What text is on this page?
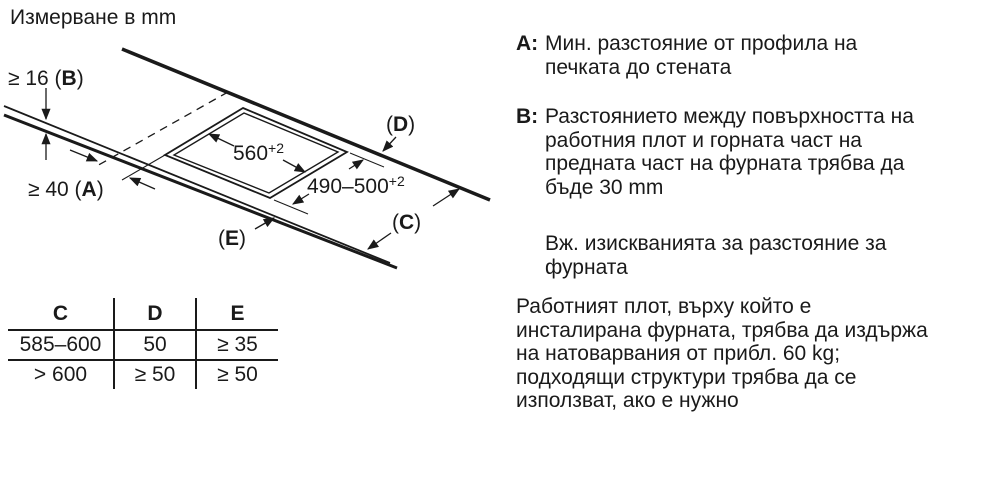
Измерване в mm
≥ 16 (B)
≥ 40 (A)
$560^{+2}$
$490-500^{+2}$
(D)
(C)
(E)
C	D	E
585–600	50	≥ 35
> 600	≥ 50	≥ 50
A: Мин. разстояние от профила на
печката до стената
B: Разстоянието между повърхността на
работния плот и горната част на
предната част на фурната трябва да
бъде 30 mm
Вж. изискванията за разстояние за
фурната
Работният плот, върху който е
инсталирана фурната, трябва да издържа
на натоварвания от прибл. 60 kg;
подходящи структури трябва да се
използват, ако е нужно
